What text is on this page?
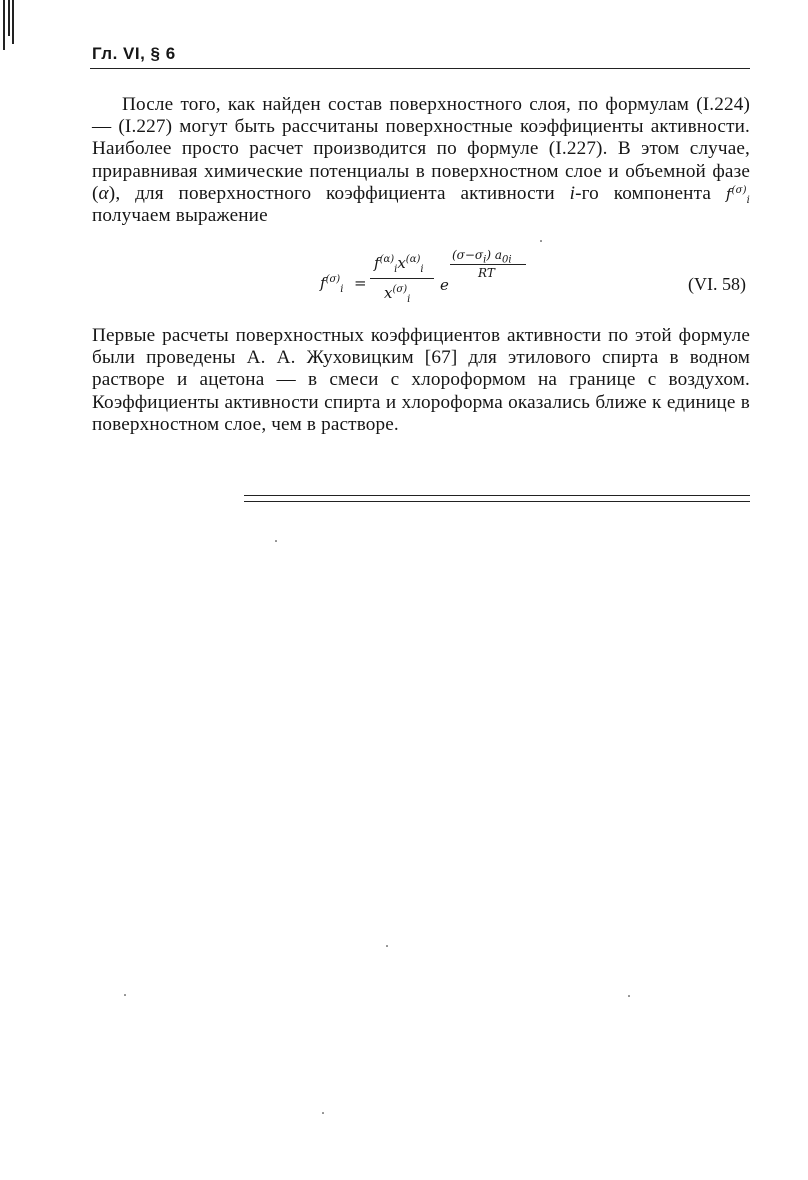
Гл. VI, § 6
После того, как найден состав поверхностного слоя, по формулам (I.224) — (I.227) могут быть рассчитаны поверхностные коэффициенты активности. Наиболее просто расчет производится по формуле (I.227). В этом случае, приравнивая химические потенциалы в поверхностном слое и объемной фазе (α), для поверхностного коэффициента активности i-го компонента $f^{(\sigma)}_i$ получаем выражение
$f^{(\sigma)}_i$ =
$f^{(\alpha)}_ix^{(\alpha)}_i$
$x^{(\sigma)}_i$
e
$(\sigma-\sigma_i)$ $a_{0i}$
RT
(VI. 58)
Первые расчеты поверхностных коэффициентов активности по этой формуле были проведены А. А. Жуховицким [67] для этилового спирта в водном растворе и ацетона — в смеси с хлороформом на границе с воздухом. Коэффициенты активности спирта и хлороформа оказались ближе к единице в поверхностном слое, чем в растворе.
